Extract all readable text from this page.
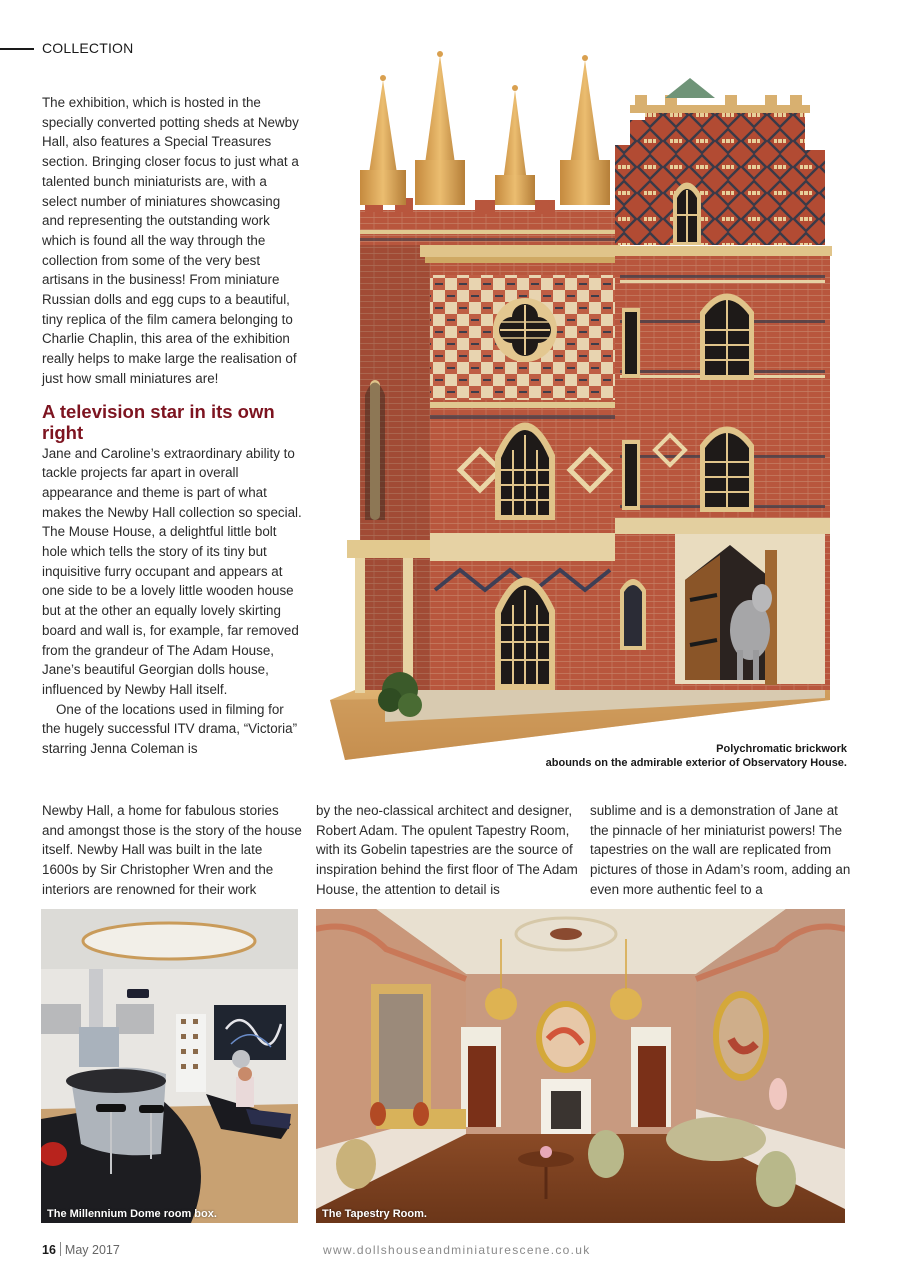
COLLECTION

The exhibition, which is hosted in the specially converted potting sheds at Newby Hall, also features a Special Treasures section. Bringing closer focus to just what a talented bunch miniaturists are, with a select number of miniatures showcasing and representing the outstanding work which is found all the way through the collection from some of the very best artisans in the business! From miniature Russian dolls and egg cups to a beautiful, tiny replica of the film camera belonging to Charlie Chaplin, this area of the exhibition really helps to make large the realisation of just how small miniatures are!

A television star in its own right

Jane and Caroline’s extraordinary ability to tackle projects far apart in overall appearance and theme is part of what makes the Newby Hall collection so special. The Mouse House, a delightful little bolt hole which tells the story of its tiny but inquisitive furry occupant and appears at one side to be a lovely little wooden house but at the other an equally lovely skirting board and wall is, for example, far removed from the grandeur of The Adam House, Jane’s beautiful Georgian dolls house, influenced by Newby Hall itself.

One of the locations used in filming for the hugely successful ITV drama, “Victoria” starring Jenna Coleman is

Newby Hall, a home for fabulous stories and amongst those is the story of the house itself. Newby Hall was built in the late 1600s by Sir Christopher Wren and the interiors are renowned for their work

by the neo-classical architect and designer, Robert Adam. The opulent Tapestry Room, with its Gobelin tapestries are the source of inspiration behind the first floor of The Adam House, the attention to detail is

sublime and is a demonstration of Jane at the pinnacle of her miniaturist powers! The tapestries on the wall are replicated from pictures of those in Adam’s room, adding an even more authentic feel to a

Polychromatic brickwork
abounds on the admirable exterior of Observatory House.
The Millennium Dome room box.	The Tapestry Room.
16 May 2017	www.dollshouseandminiaturescene.co.uk
